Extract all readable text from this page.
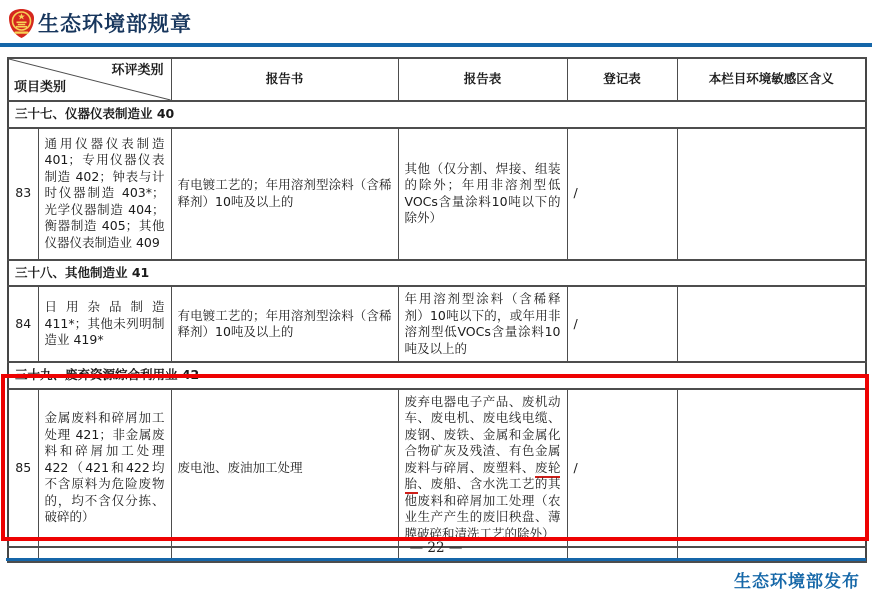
生态环境部规章
环评类别
项目类别		报告书	报告表	登记表	本栏目环境敏感区含义
三十七、仪器仪表制造业 40					
83	通用仪器仪表制造 401；专用仪器仪表制造 402；钟表与计时仪器制造 403*；光学仪器制造 404；衡器制造 405；其他仪器仪表制造业 409	有电镀工艺的；年用溶剂型涂料（含稀释剂）10吨及以上的	其他（仅分割、焊接、组装的除外；年用非溶剂型低VOCs含量涂料10吨以下的除外）	/	
三十八、其他制造业 41					
84	日用杂品制造 411*；其他未列明制造业 419*	有电镀工艺的；年用溶剂型涂料（含稀释剂）10吨及以上的	年用溶剂型涂料（含稀释剂）10吨以下的，或年用非溶剂型低VOCs含量涂料10吨及以上的	/	
三十九、废弃资源综合利用业 42					
85	金属废料和碎屑加工处理 421；非金属废料和碎屑加工处理 422（421和422均不含原料为危险废物的，均不含仅分拣、破碎的）	废电池、废油加工处理	废弃电器电子产品、废机动车、废电机、废电线电缆、废钢、废铁、金属和金属化合物矿灰及残渣、有色金属废料与碎屑、废塑料、废轮胎、废船、含水洗工艺的其他废料和碎屑加工处理（农业生产产生的废旧秧盘、薄膜破碎和清洗工艺的除外）	/	

— 22 —
生态环境部发布
